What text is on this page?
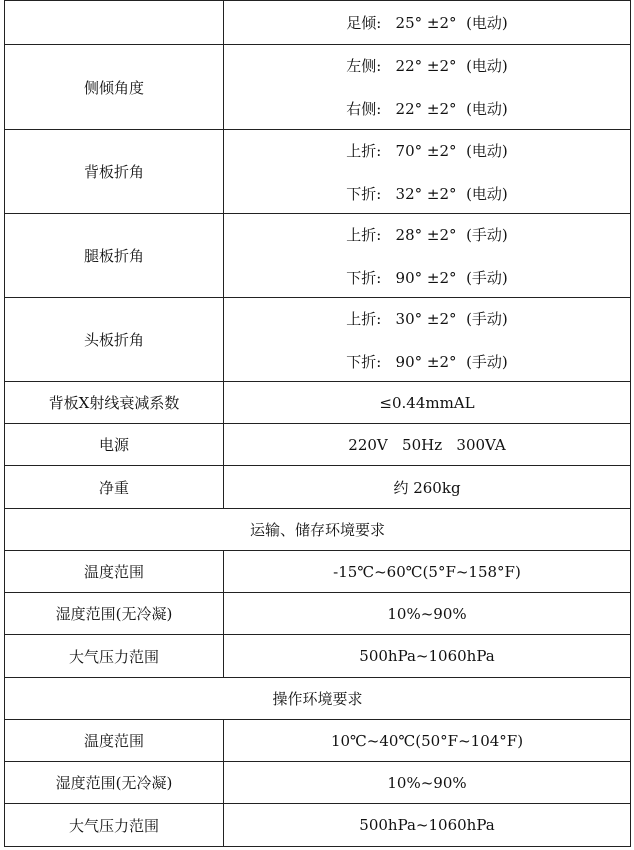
	足倾:   25° ±2°  (电动)

侧倾角度	左侧:   22° ±2°  (电动)
右侧:   22° ±2°  (电动)

背板折角	上折:   70° ±2°  (电动)
下折:   32° ±2°  (电动)

腿板折角	上折:   28° ±2°  (手动)
下折:   90° ±2°  (手动)

头板折角	上折:   30° ±2°  (手动)
下折:   90° ±2°  (手动)

背板X射线衰减系数	≤0.44mmAL
电源	220V   50Hz   300VA
净重	约 260kg
运输、储存环境要求	
温度范围	-15℃~60℃(5°F~158°F)
湿度范围(无冷凝)	10%~90%
大气压力范围	500hPa~1060hPa
操作环境要求	
温度范围	10℃~40℃(50°F~104°F)
湿度范围(无冷凝)	10%~90%
大气压力范围	500hPa~1060hPa
